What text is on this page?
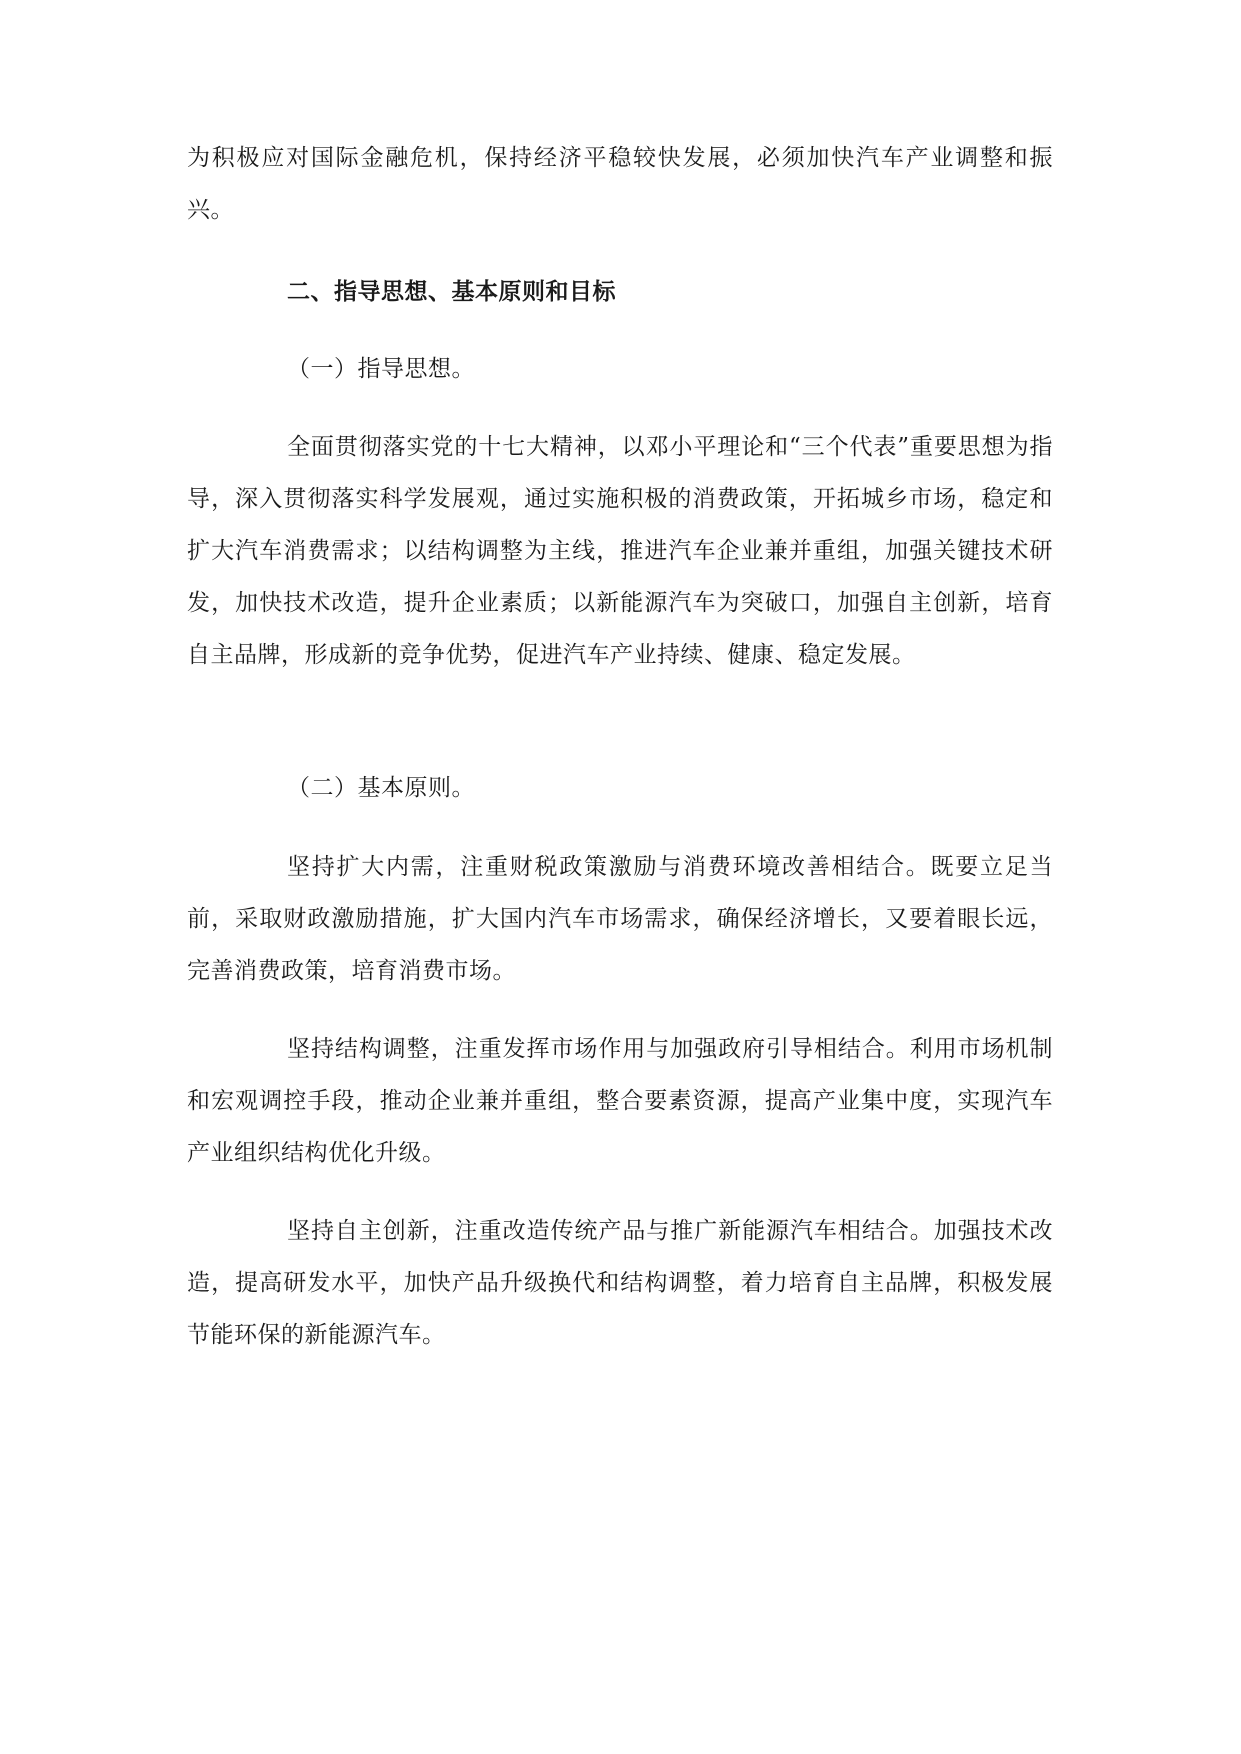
为积极应对国际金融危机，保持经济平稳较快发展，必须加快汽车产业调整和振兴。
二、指导思想、基本原则和目标
（一）指导思想。
全面贯彻落实党的十七大精神，以邓小平理论和“三个代表”重要思想为指导，深入贯彻落实科学发展观，通过实施积极的消费政策，开拓城乡市场，稳定和扩大汽车消费需求；以结构调整为主线，推进汽车企业兼并重组，加强关键技术研发，加快技术改造，提升企业素质；以新能源汽车为突破口，加强自主创新，培育自主品牌，形成新的竞争优势，促进汽车产业持续、健康、稳定发展。
（二）基本原则。
坚持扩大内需，注重财税政策激励与消费环境改善相结合。既要立足当前，采取财政激励措施，扩大国内汽车市场需求，确保经济增长，又要着眼长远，完善消费政策，培育消费市场。
坚持结构调整，注重发挥市场作用与加强政府引导相结合。利用市场机制和宏观调控手段，推动企业兼并重组，整合要素资源，提高产业集中度，实现汽车产业组织结构优化升级。
坚持自主创新，注重改造传统产品与推广新能源汽车相结合。加强技术改造，提高研发水平，加快产品升级换代和结构调整，着力培育自主品牌，积极发展节能环保的新能源汽车。
